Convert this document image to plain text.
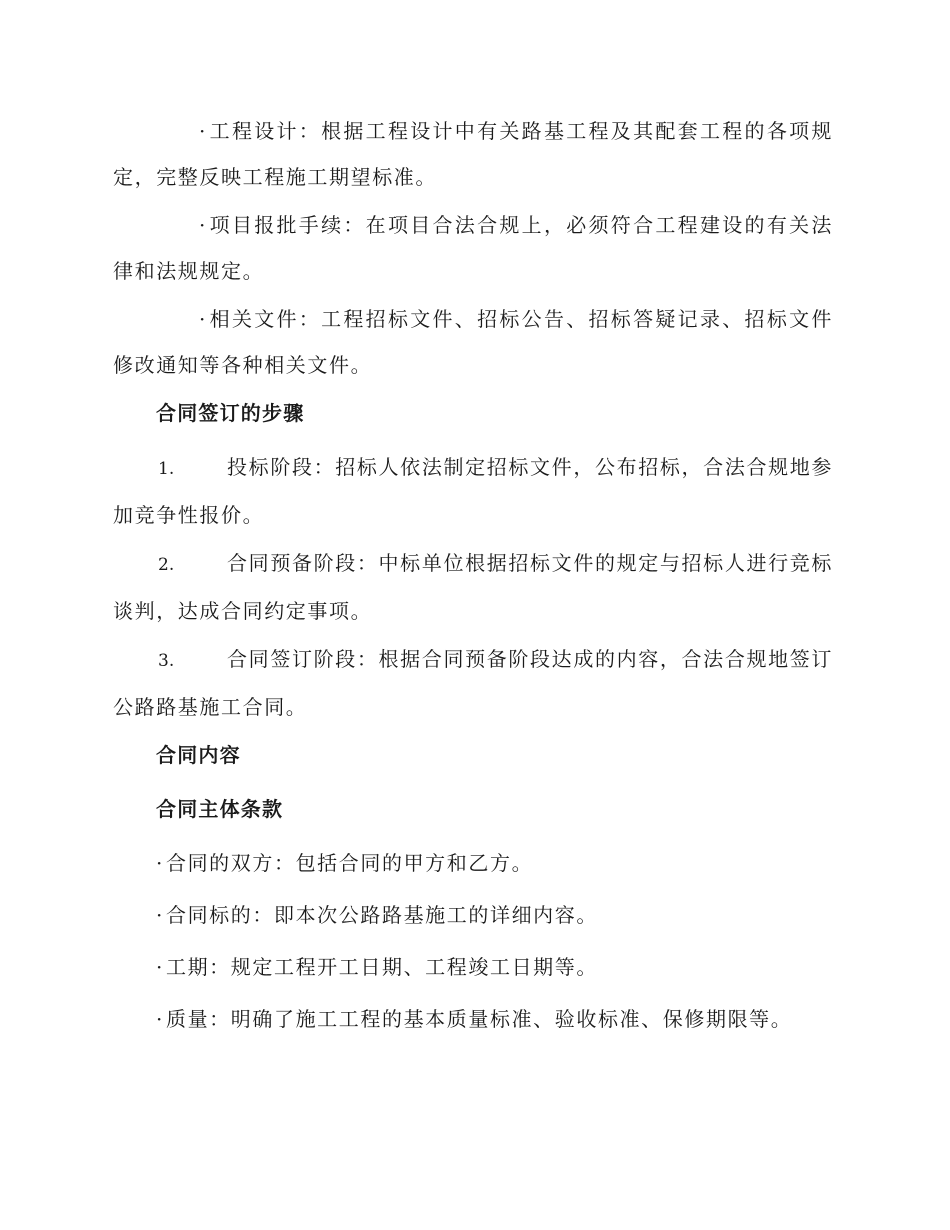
· 工程设计：根据工程设计中有关路基工程及其配套工程的各项规定，完整反映工程施工期望标准。

· 项目报批手续：在项目合法合规上，必须符合工程建设的有关法律和法规规定。

· 相关文件：工程招标文件、招标公告、招标答疑记录、招标文件修改通知等各种相关文件。

合同签订的步骤

1.	投标阶段：招标人依法制定招标文件，公布招标，合法合规地参加竞争性报价。

2.	合同预备阶段：中标单位根据招标文件的规定与招标人进行竞标谈判，达成合同约定事项。

3.	合同签订阶段：根据合同预备阶段达成的内容，合法合规地签订公路路基施工合同。

合同内容
合同主体条款

· 合同的双方：包括合同的甲方和乙方。

· 合同标的：即本次公路路基施工的详细内容。

· 工期：规定工程开工日期、工程竣工日期等。

· 质量：明确了施工工程的基本质量标准、验收标准、保修期限等。
